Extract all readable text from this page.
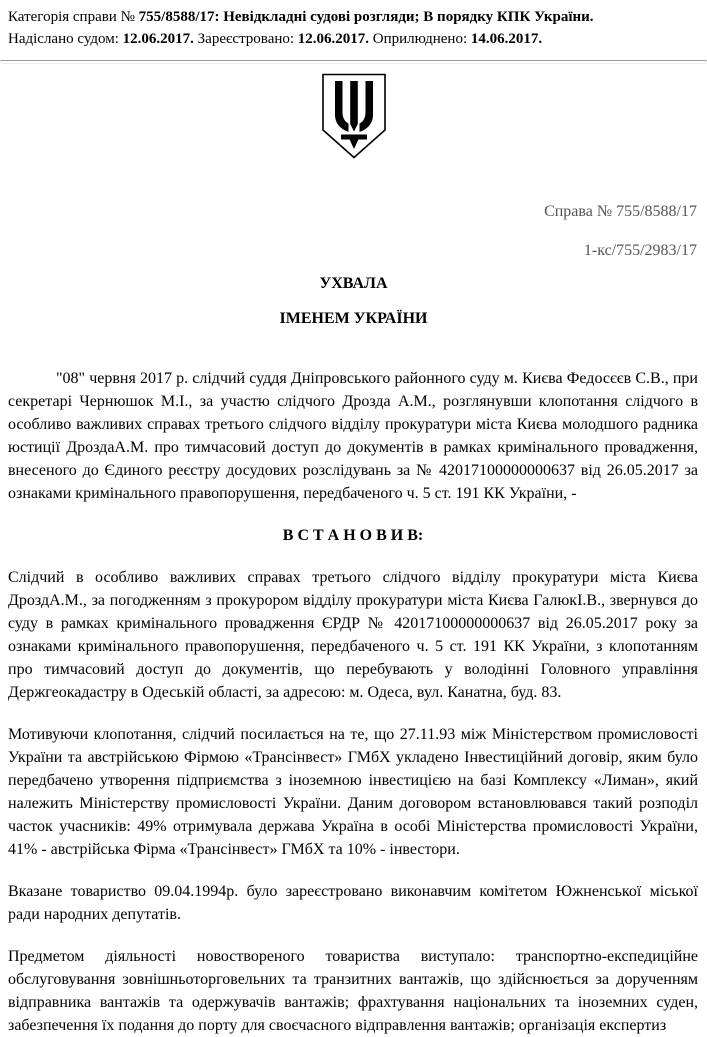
Категорія справи № 755/8588/17: Невідкладні судові розгляди; В порядку КПК України.
Надіслано судом: 12.06.2017. Зареєстровано: 12.06.2017. Оприлюднено: 14.06.2017.
Справа № 755/8588/17
1-кс/755/2983/17
УХВАЛА
ІМЕНЕМ УКРАЇНИ

"08" червня 2017 р. слідчий суддя Дніпровського районного суду м. Києва Федосєєв С.В., при секретарі Чернюшок М.І., за участю слідчого Дрозда А.М., розглянувши клопотання слідчого в особливо важливих справах третього слідчого відділу прокуратури міста Києва молодшого радника юстиції ДроздаА.М. про тимчасовий доступ до документів в рамках кримінального провадження, внесеного до Єдиного реєстру досудових розслідувань за № 42017100000000637 від 26.05.2017 за ознаками кримінального правопорушення, передбаченого ч. 5 ст. 191 КК України, -

В С Т А Н О В И В:

Слідчий в особливо важливих справах третього слідчого відділу прокуратури міста Києва ДроздА.М., за погодженням з прокурором відділу прокуратури міста Києва ГалюкІ.В., звернувся до суду в рамках кримінального провадження ЄРДР № 42017100000000637 від 26.05.2017 року за ознаками кримінального правопорушення, передбаченого ч. 5 ст. 191 КК України, з клопотанням про тимчасовий доступ до документів, що перебувають у володінні Головного управління Держгеокадастру в Одеській області, за адресою: м. Одеса, вул. Канатна, буд. 83.

Мотивуючи клопотання, слідчий посилається на те, що 27.11.93 між Міністерством промисловості України та австрійською Фірмою «Трансінвест» ГМбХ укладено Інвестиційний договір, яким було передбачено утворення підприємства з іноземною інвестицією на базі Комплексу «Лиман», який належить Міністерству промисловості України. Даним договором встановлювався такий розподіл часток учасників: 49% отримувала держава Україна в особі Міністерства промисловості України, 41% - австрійська Фірма «Трансінвест» ГМбХ та 10% - інвестори.

Вказане товариство 09.04.1994р. було зареєстровано виконавчим комітетом Южненської міської ради народних депутатів.

Предметом діяльності новоствореного товариства виступало: транспортно-експедиційне обслуговування зовнішньоторговельних та транзитних вантажів, що здійснюється за дорученням відправника вантажів та одержувачів вантажів; фрахтування національних та іноземних суден, забезпечення їх подання до порту для своєчасного відправлення вантажів; організація експертиз
